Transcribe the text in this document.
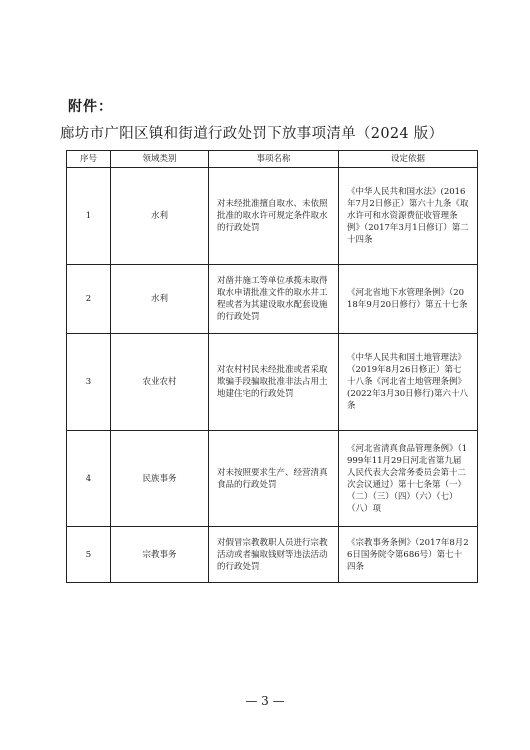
附件：
廊坊市广阳区镇和街道行政处罚下放事项清单（2024 版）
序号	领域类别	事项名称	设定依据
1	水利	对未经批准擅自取水、未依照批准的取水许可规定条件取水的行政处罚	《中华人民共和国水法》(2016年7月2日修正）第六十九条《取水许可和水资源费征收管理条例》（2017年3月1日修订）第二十四条
2	水利	对凿井施工等单位承揽未取得取水申请批准文件的取水井工程或者为其建设取水配套设施的行政处罚	《河北省地下水管理条例》（2018年9月20日修行）第五十七条
3	农业农村	对农村村民未经批准或者采取欺骗手段骗取批准非法占用土地建住宅的行政处罚	《中华人民共和国土地管理法》（2019年8月26日修正）第七十八条《河北省土地管理条例》(2022年3月30日修行)第六十八条
4	民族事务	对未按照要求生产、经营清真食品的行政处罚	《河北省清真食品管理条例》（1999年11月29日河北省第九届人民代表大会常务委员会第十二次会议通过）第十七条第（一）（二）（三）（四）（六）（七）（八）项
5	宗教事务	对假冒宗教教职人员进行宗教活动或者骗取钱财等违法活动的行政处罚	《宗教事务条例》（2017年8月26日国务院令第686号）第七十四条
— 3 —
